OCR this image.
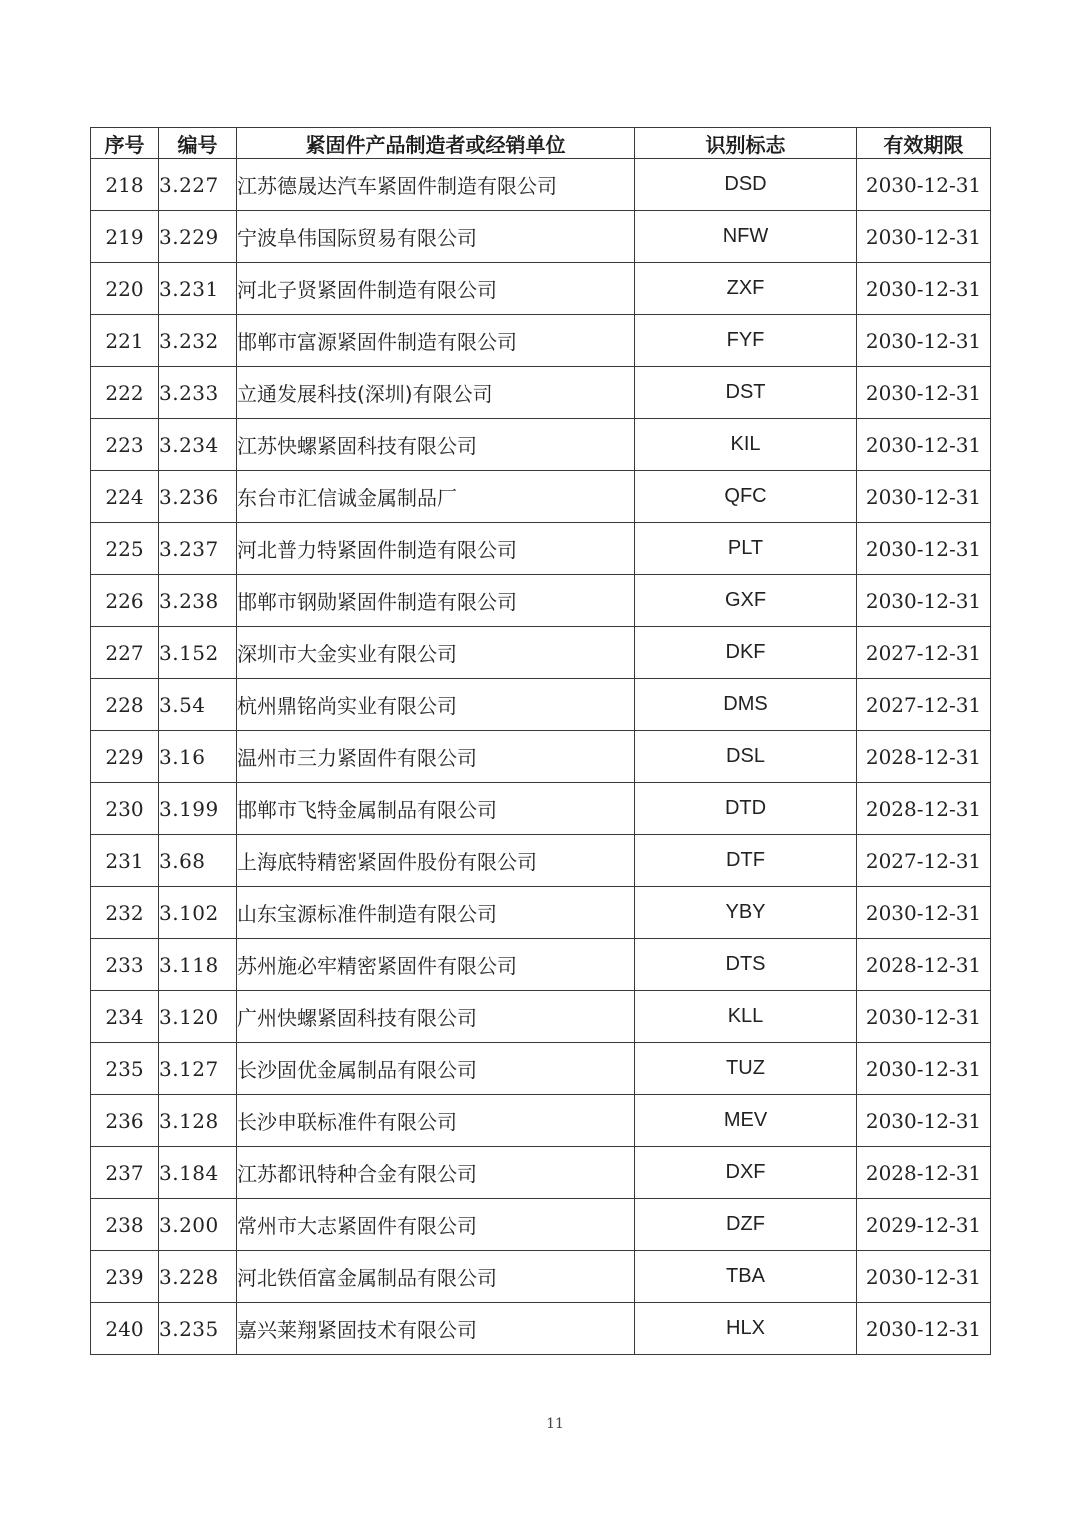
序号	编号	紧固件产品制造者或经销单位	识别标志	有效期限
218	3.227	江苏德晟达汽车紧固件制造有限公司	DSD	2030-12-31
219	3.229	宁波阜伟国际贸易有限公司	NFW	2030-12-31
220	3.231	河北子贤紧固件制造有限公司	ZXF	2030-12-31
221	3.232	邯郸市富源紧固件制造有限公司	FYF	2030-12-31
222	3.233	立通发展科技(深圳)有限公司	DST	2030-12-31
223	3.234	江苏快螺紧固科技有限公司	KIL	2030-12-31
224	3.236	东台市汇信诚金属制品厂	QFC	2030-12-31
225	3.237	河北普力特紧固件制造有限公司	PLT	2030-12-31
226	3.238	邯郸市钢勋紧固件制造有限公司	GXF	2030-12-31
227	3.152	深圳市大金实业有限公司	DKF	2027-12-31
228	3.54	杭州鼎铭尚实业有限公司	DMS	2027-12-31
229	3.16	温州市三力紧固件有限公司	DSL	2028-12-31
230	3.199	邯郸市飞特金属制品有限公司	DTD	2028-12-31
231	3.68	上海底特精密紧固件股份有限公司	DTF	2027-12-31
232	3.102	山东宝源标准件制造有限公司	YBY	2030-12-31
233	3.118	苏州施必牢精密紧固件有限公司	DTS	2028-12-31
234	3.120	广州快螺紧固科技有限公司	KLL	2030-12-31
235	3.127	长沙固优金属制品有限公司	TUZ	2030-12-31
236	3.128	长沙申联标准件有限公司	MEV	2030-12-31
237	3.184	江苏都讯特种合金有限公司	DXF	2028-12-31
238	3.200	常州市大志紧固件有限公司	DZF	2029-12-31
239	3.228	河北铁佰富金属制品有限公司	TBA	2030-12-31
240	3.235	嘉兴莱翔紧固技术有限公司	HLX	2030-12-31
11
